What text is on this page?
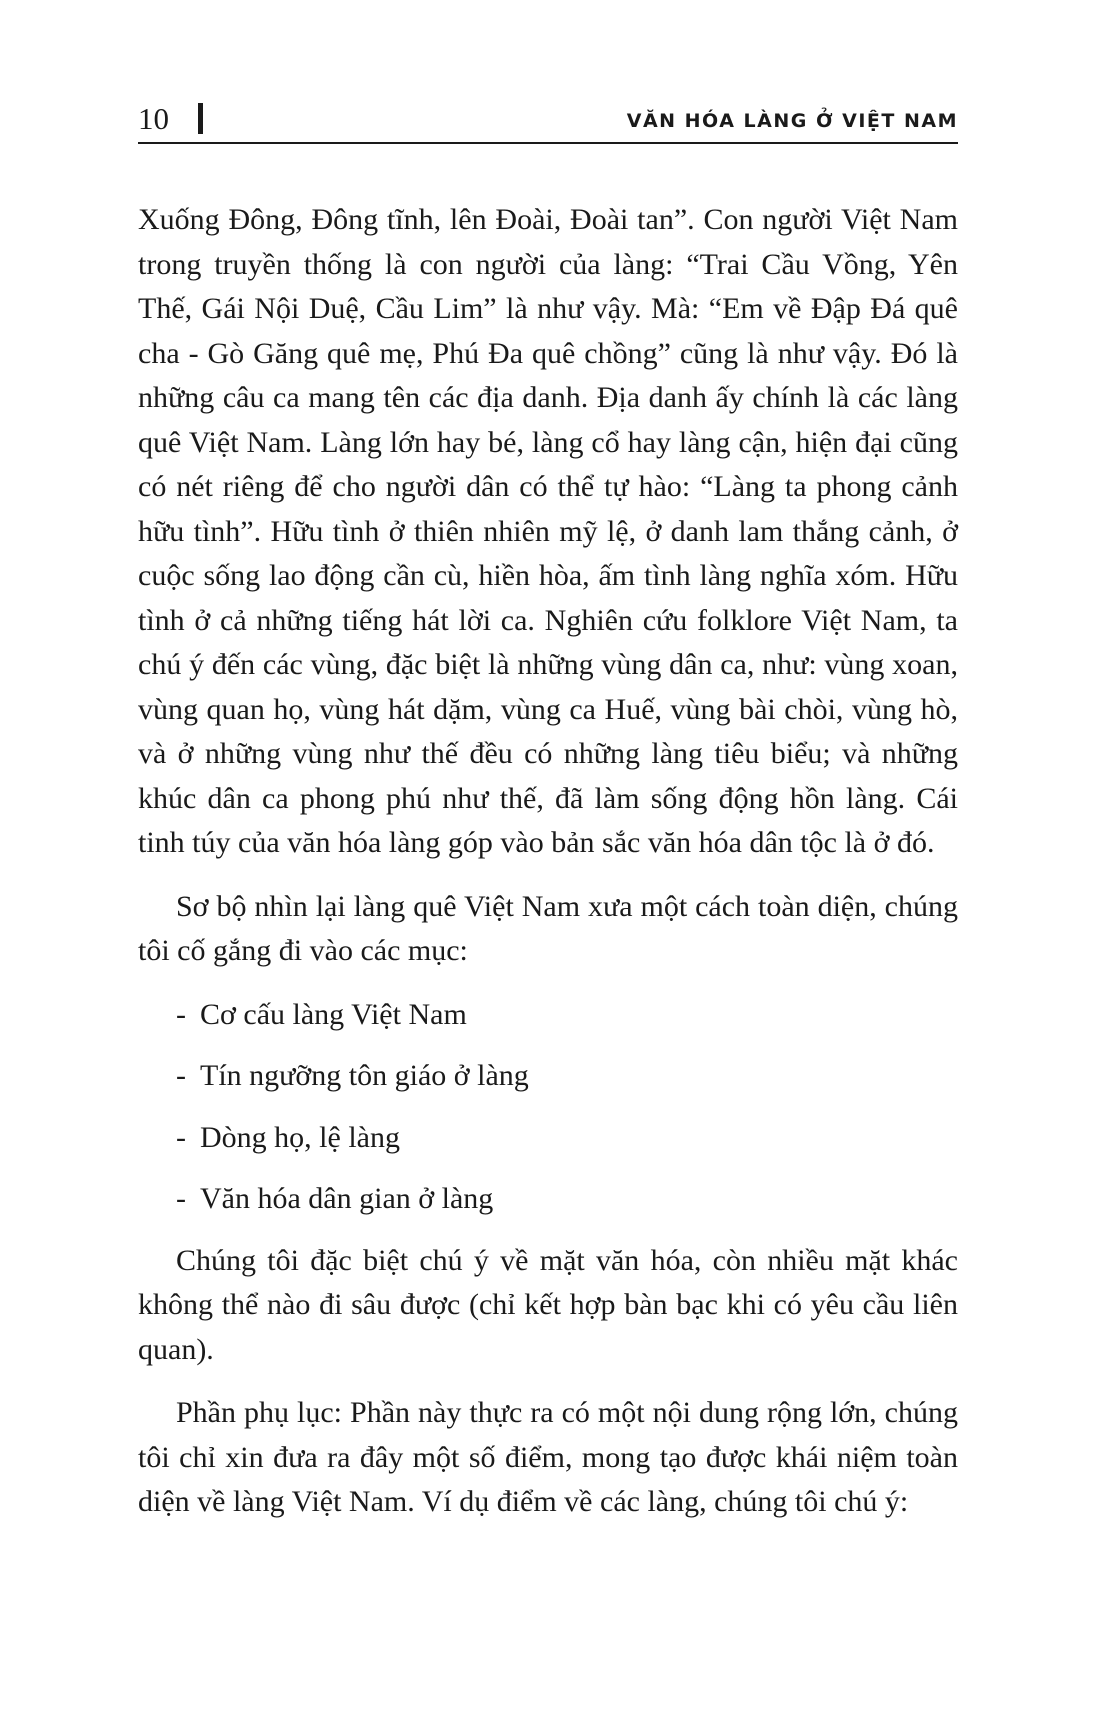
10	VĂN HÓA LÀNG Ở VIỆT NAM

Xuống Đông, Đông tĩnh, lên Đoài, Đoài tan”. Con người Việt Nam trong truyền thống là con người của làng: “Trai Cầu Vồng, Yên Thế, Gái Nội Duệ, Cầu Lim” là như vậy. Mà: “Em về Đập Đá quê cha - Gò Găng quê mẹ, Phú Đa quê chồng” cũng là như vậy. Đó là những câu ca mang tên các địa danh. Địa danh ấy chính là các làng quê Việt Nam. Làng lớn hay bé, làng cổ hay làng cận, hiện đại cũng có nét riêng để cho người dân có thể tự hào: “Làng ta phong cảnh hữu tình”. Hữu tình ở thiên nhiên mỹ lệ, ở danh lam thắng cảnh, ở cuộc sống lao động cần cù, hiền hòa, ấm tình làng nghĩa xóm. Hữu tình ở cả những tiếng hát lời ca. Nghiên cứu folklore Việt Nam, ta chú ý đến các vùng, đặc biệt là những vùng dân ca, như: vùng xoan, vùng quan họ, vùng hát dặm, vùng ca Huế, vùng bài chòi, vùng hò, và ở những vùng như thế đều có những làng tiêu biểu; và những khúc dân ca phong phú như thế, đã làm sống động hồn làng. Cái tinh túy của văn hóa làng góp vào bản sắc văn hóa dân tộc là ở đó.

Sơ bộ nhìn lại làng quê Việt Nam xưa một cách toàn diện, chúng tôi cố gắng đi vào các mục:

- Cơ cấu làng Việt Nam
- Tín ngưỡng tôn giáo ở làng
- Dòng họ, lệ làng
- Văn hóa dân gian ở làng

Chúng tôi đặc biệt chú ý về mặt văn hóa, còn nhiều mặt khác không thể nào đi sâu được (chỉ kết hợp bàn bạc khi có yêu cầu liên quan).

Phần phụ lục: Phần này thực ra có một nội dung rộng lớn, chúng tôi chỉ xin đưa ra đây một số điểm, mong tạo được khái niệm toàn diện về làng Việt Nam. Ví dụ điểm về các làng, chúng tôi chú ý:
